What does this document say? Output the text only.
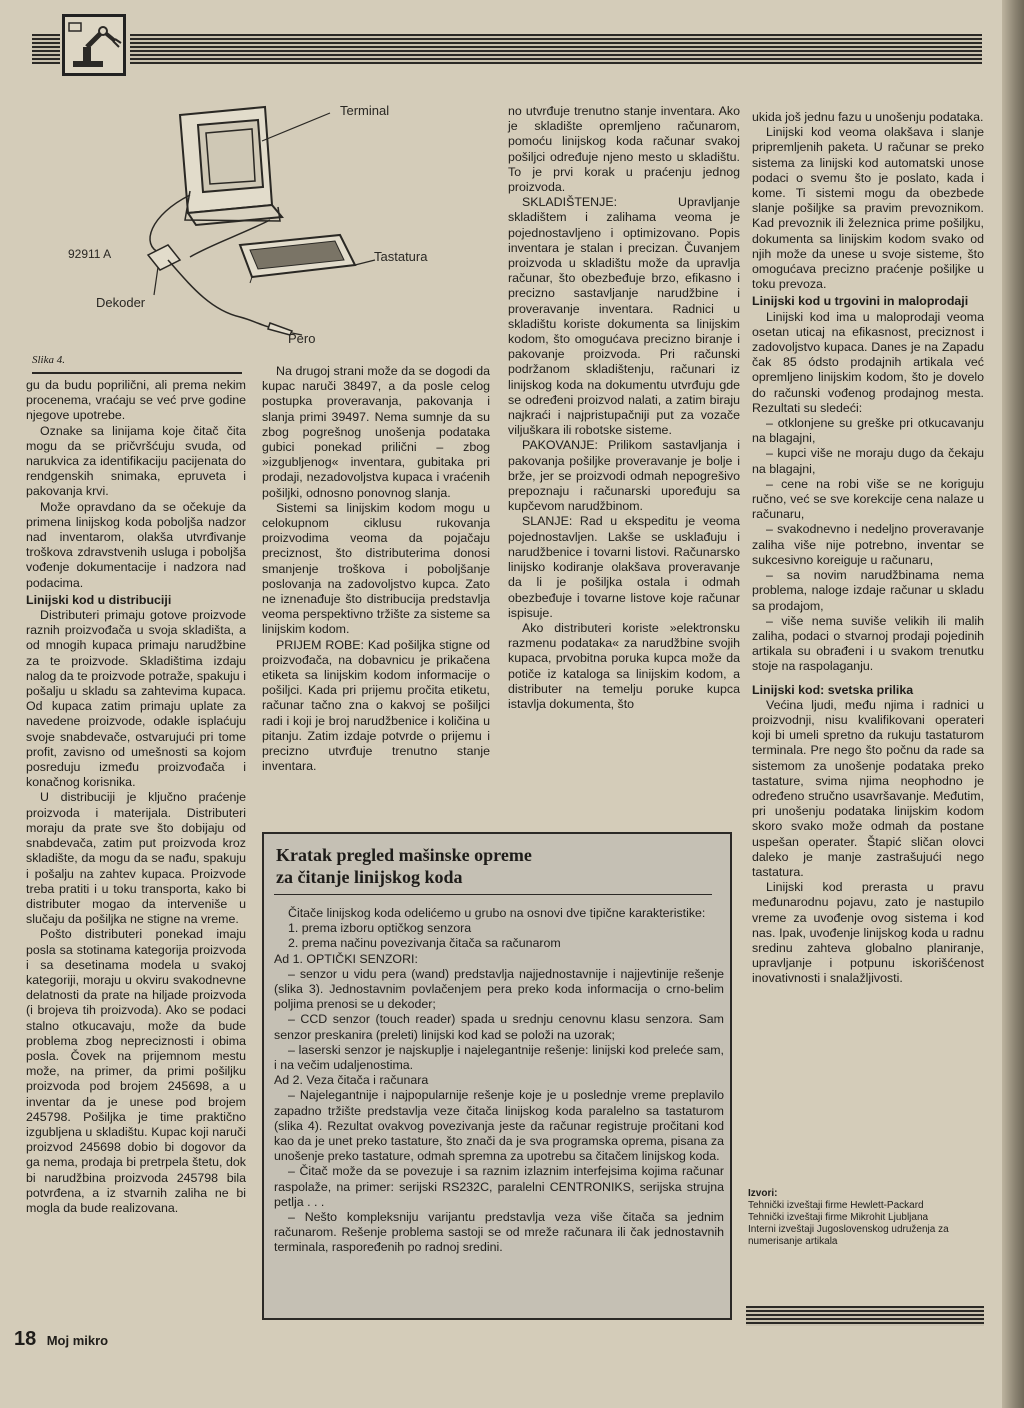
Terminal
92911 A	Tastatura
Dekoder
Pero
Slika 4.

gu da budu poprilični, ali prema nekim procenema, vraćaju se već prve godine njegove upotrebe.

Oznake sa linijama koje čitač čita mogu da se pričvršćuju svuda, od narukvica za identifikaciju pacijenata do rendgenskih snimaka, epruveta i pakovanja krvi.

Može opravdano da se očekuje da primena linijskog koda poboljša nadzor nad inventarom, olakša utvrđivanje troškova zdravstvenih usluga i poboljša vođenje dokumentacije i nadzora nad podacima.

Linijski kod u distribuciji

Distributeri primaju gotove proizvode raznih proizvođača u svoja skladišta, a od mnogih kupaca primaju narudžbine za te proizvode. Skladištima izdaju nalog da te proizvode potraže, spakuju i pošalju u skladu sa zahtevima kupaca. Od kupaca zatim primaju uplate za navedene proizvode, odakle isplaćuju svoje snabdevače, ostvarujući pri tome profit, zavisno od umešnosti sa kojom posreduju između proizvođača i konačnog korisnika.

U distribuciji je ključno praćenje proizvoda i materijala. Distributeri moraju da prate sve što dobijaju od snabdevača, zatim put proizvoda kroz skladište, da mogu da se nađu, spakuju i pošalju na zahtev kupaca. Proizvode treba pratiti i u toku transporta, kako bi distributer mogao da interveniše u slučaju da pošiljka ne stigne na vreme.

Pošto distributeri ponekad imaju posla sa stotinama kategorija proizvoda i sa desetinama modela u svakoj kategoriji, moraju u okviru svakodnevne delatnosti da prate na hiljade proizvoda (i brojeva tih proizvoda). Ako se podaci stalno otkucavaju, može da bude problema zbog nepreciznosti i obima posla. Čovek na prijemnom mestu može, na primer, da primi pošiljku proizvoda pod brojem 245698, a u inventar da je unese pod brojem 245798. Pošiljka je time praktično izgubljena u skladištu. Kupac koji naruči proizvod 245698 dobio bi dogovor da ga nema, prodaja bi pretrpela štetu, dok bi narudžbina proizvoda 245798 bila potvrđena, a iz stvarnih zaliha ne bi mogla da bude realizovana.

Na drugoj strani može da se dogodi da kupac naruči 38497, a da posle celog postupka proveravanja, pakovanja i slanja primi 39497. Nema sumnje da su zbog pogrešnog unošenja podataka gubici ponekad prilični – zbog »izgubljenog« inventara, gubitaka pri prodaji, nezadovoljstva kupaca i vraćenih pošiljki, odnosno ponovnog slanja.

Sistemi sa linijskim kodom mogu u celokupnom ciklusu rukovanja proizvodima veoma da pojačaju preciznost, što distributerima donosi smanjenje troškova i poboljšanje poslovanja na zadovoljstvo kupca. Zato ne iznenađuje što distribucija predstavlja veoma perspektivno tržište za sisteme sa linijskim kodom.

PRIJEM ROBE: Kad pošiljka stigne od proizvođača, na dobavnicu je prikačena etiketa sa linijskim kodom informacije o pošiljci. Kada pri prijemu pročita etiketu, računar tačno zna o kakvoj se pošiljci radi i koji je broj narudžbenice i količina u pitanju. Zatim izdaje potvrde o prijemu i precizno utvrđuje trenutno stanje inventara.

no utvrđuje trenutno stanje inventara. Ako je skladište opremljeno računarom, pomoću linijskog koda računar svakoj pošiljci određuje njeno mesto u skladištu. To je prvi korak u praćenju jednog proizvoda.

SKLADIŠTENJE: Upravljanje skladištem i zalihama veoma je pojednostavljeno i optimizovano. Popis inventara je stalan i precizan. Čuvanjem proizvoda u skladištu može da upravlja računar, što obezbeđuje brzo, efikasno i precizno sastavljanje narudžbine i proveravanje inventara. Radnici u skladištu koriste dokumenta sa linijskim kodom, što omogućava precizno biranje i pakovanje proizvoda. Pri računski podržanom skladištenju, računari iz linijskog koda na dokumentu utvrđuju gde se određeni proizvod nalati, a zatim biraju najkraći i najpristupačniji put za vozače viljuškara ili robotske sisteme.

PAKOVANJE: Prilikom sastavljanja i pakovanja pošiljke proveravanje je bolje i brže, jer se proizvodi odmah nepogrešivo prepoznaju i računarski upoređuju sa kupčevom narudžbinom.

SLANJE: Rad u ekspeditu je veoma pojednostavljen. Lakše se usklađuju i narudžbenice i tovarni listovi. Računarsko linijsko kodiranje olakšava proveravanje da li je pošiljka ostala i odmah obezbeđuje i tovarne listove koje računar ispisuje.

Ako distributeri koriste »elektronsku razmenu podataka« za narudžbine svojih kupaca, prvobitna poruka kupca može da potiče iz kataloga sa linijskim kodom, a distributer na temelju poruke kupca istavlja dokumenta, što

ukida još jednu fazu u unošenju podataka.

Linijski kod veoma olakšava i slanje pripremljenih paketa. U računar se preko sistema za linijski kod automatski unose podaci o svemu što je poslato, kada i kome. Ti sistemi mogu da obezbede slanje pošiljke sa pravim prevoznikom. Kad prevoznik ili železnica prime pošiljku, dokumenta sa linijskim kodom svako od njih može da unese u svoje sisteme, što omogućava precizno praćenje pošiljke u toku prevoza.

Linijski kod u trgovini in maloprodaji

Linijski kod ima u maloprodaji veoma osetan uticaj na efikasnost, preciznost i zadovoljstvo kupaca. Danes je na Zapadu čak 85 ódsto prodajnih artikala već opremljeno linijskim kodom, što je dovelo do računski vođenog prodajnog mesta. Rezultati su sledeći:

– otklonjene su greške pri otkucavanju na blagajni,
– kupci više ne moraju dugo da čekaju na blagajni,
– cene na robi više se ne koriguju ručno, već se sve korekcije cena nalaze u računaru,
– svakodnevno i nedeljno proveravanje zaliha više nije potrebno, inventar se sukcesivno koreiguje u računaru,
– sa novim narudžbinama nema problema, naloge izdaje računar u skladu sa prodajom,
– više nema suviše velikih ili malih zaliha, podaci o stvarnoj prodaji pojedinih artikala su obrađeni i u svakom trenutku stoje na raspolaganju.
Linijski kod: svetska prilika

Većina ljudi, među njima i radnici u proizvodnji, nisu kvalifikovani operateri koji bi umeli spretno da rukuju tastaturom terminala. Pre nego što počnu da rade sa sistemom za unošenje podataka preko tastature, svima njima neophodno je određeno stručno usavršavanje. Međutim, pri unošenju podataka linijskim kodom skoro svako može odmah da postane uspešan operater. Štapić sličan olovci daleko je manje zastrašujući nego tastatura.

Linijski kod prerasta u pravu međunarodnu pojavu, zato je nastupilo vreme za uvođenje ovog sistema i kod nas. Ipak, uvođenje linijskog koda u radnu sredinu zahteva globalno planiranje, upravljanje i potpunu iskorišćenost inovativnosti i snalažljivosti.

Izvori:
Tehnički izveštaji firme Hewlett-Packard
Tehnički izveštaji firme Mikrohit Ljubljana
Interni izveštaji Jugoslovenskog udruženja za numerisanje artikala
Kratak pregled mašinske opreme
za čitanje linijskog koda

Čitače linijskog koda odelićemo u grubo na osnovi dve tipične karakteristike:

1. prema izboru optičkog senzora

2. prema načinu povezivanja čitača sa računarom

Ad 1. OPTIČKI SENZORI:

– senzor u vidu pera (wand) predstavlja najjednostavnije i najjevtinije rešenje (slika 3). Jednostavnim povlačenjem pera preko koda informacija o crno-belim poljima prenosi se u dekoder;

– CCD senzor (touch reader) spada u srednju cenovnu klasu senzora. Sam senzor preskanira (preleti) linijski kod kad se položi na uzorak;

– laserski senzor je najskuplje i najelegantnije rešenje: linijski kod preleće sam, i na večim udaljenostima.

Ad 2. Veza čitača i računara

– Najelegantnije i najpopularnije rešenje koje je u poslednje vreme preplavilo zapadno tržište predstavlja veze čitača linijskog koda paralelno sa tastaturom (slika 4). Rezultat ovakvog povezivanja jeste da računar registruje pročitani kod kao da je unet preko tastature, što znači da je sva programska oprema, pisana za unošenje preko tastature, odmah spremna za upotrebu sa čitačem linijskog koda.

– Čitač može da se povezuje i sa raznim izlaznim interfejsima kojima računar raspolaže, na primer: serijski RS232C, paralelni CENTRONIKS, serijska strujna petlja . . .

– Nešto kompleksniju varijantu predstavlja veza više čitača sa jednim računarom. Rešenje problema sastoji se od mreže računara ili čak jednostavnih terminala, raspoređenih po radnoj sredini.

18 Moj mikro
